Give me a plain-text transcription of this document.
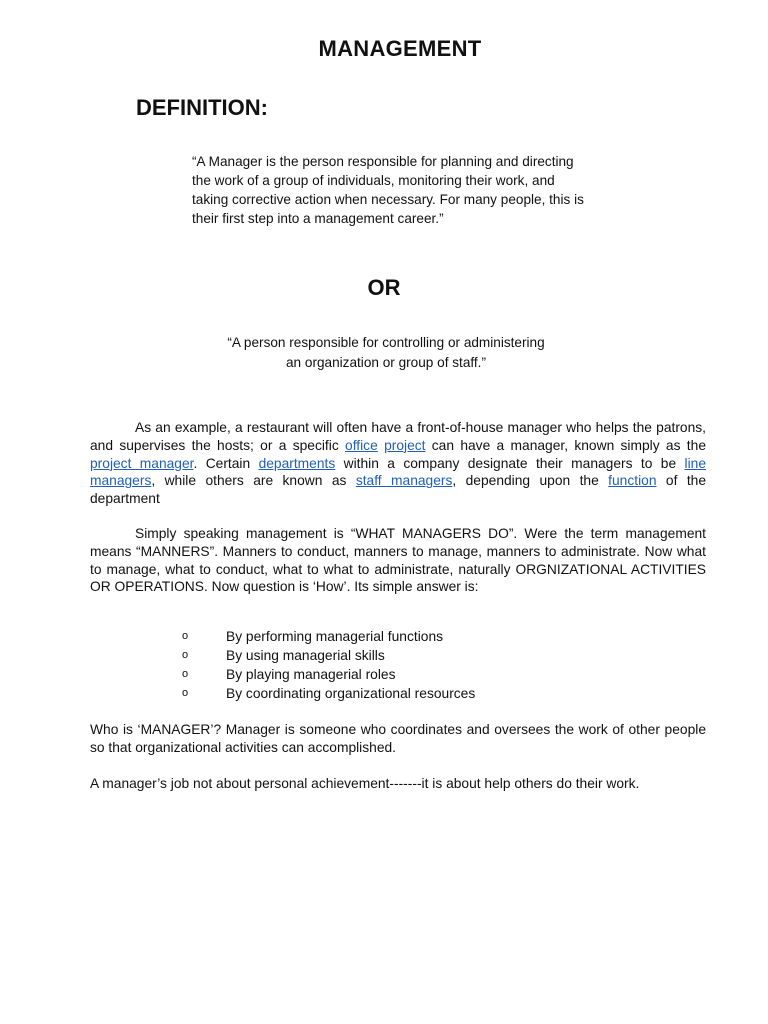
MANAGEMENT
DEFINITION:
“A Manager is the person responsible for planning and directing the work of a group of individuals, monitoring their work, and taking corrective action when necessary. For many people, this is their first step into a management career.”
OR
“A person responsible for controlling or administering
an organization or group of staff.”
As an example, a restaurant will often have a front-of-house manager who helps the patrons, and supervises the hosts; or a specific office project can have a manager, known simply as the project manager. Certain departments within a company designate their managers to be line managers, while others are known as staff managers, depending upon the function of the department
Simply speaking management is “WHAT MANAGERS DO”. Were the term management means “MANNERS”. Manners to conduct, manners to manage, manners to administrate. Now what to manage, what to conduct, what to what to administrate, naturally ORGNIZATIONAL ACTIVITIES OR OPERATIONS. Now question is ‘How’. Its simple answer is:
o	By performing managerial functions
o	By using managerial skills
o	By playing managerial roles
o	By coordinating organizational resources
Who is ‘MANAGER’? Manager is someone who coordinates and oversees the work of other people so that organizational activities can accomplished.
A manager’s job not about personal achievement-------it is about help others do their work.
